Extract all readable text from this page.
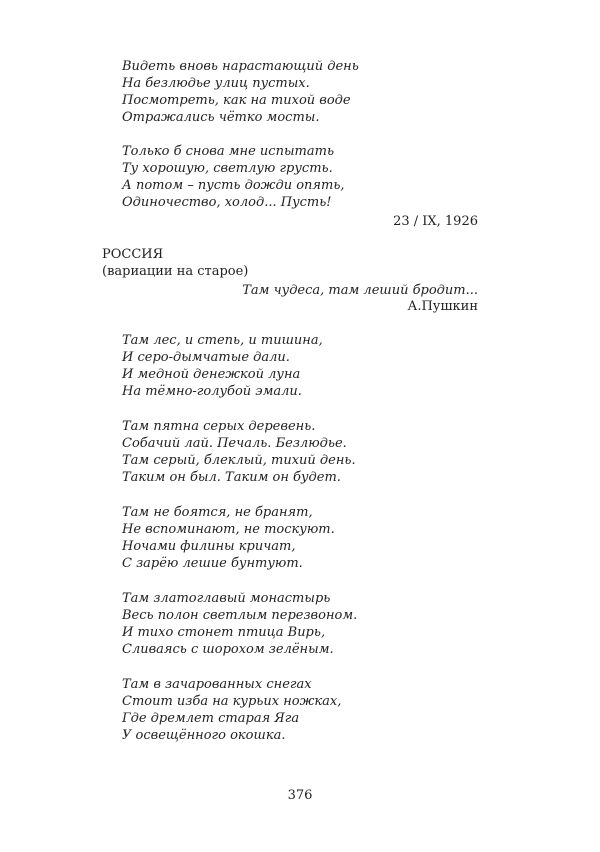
Видеть вновь нарастающий день
На безлюдье улиц пустых.
Посмотреть, как на тихой воде
Отражались чётко мосты.
Только б снова мне испытать
Ту хорошую, светлую грусть.
А потом – пусть дожди опять,
Одиночество, холод... Пусть!
23 / IX, 1926
РОССИЯ
(вариации на старое)
Там чудеса, там леший бродит...
А.Пушкин
Там лес, и степь, и тишина,
И серо-дымчатые дали.
И медной денежкой луна
На тёмно-голубой эмали.
Там пятна серых деревень.
Собачий лай. Печаль. Безлюдье.
Там серый, блеклый, тихий день.
Таким он был. Таким он будет.
Там не боятся, не бранят,
Не вспоминают, не тоскуют.
Ночами филины кричат,
С зарёю лешие бунтуют.
Там златоглавый монастырь
Весь полон светлым перезвоном.
И тихо стонет птица Вирь,
Сливаясь с шорохом зелёным.
Там в зачарованных снегах
Стоит изба на курьих ножках,
Где дремлет старая Яга
У освещённого окошка.
376
